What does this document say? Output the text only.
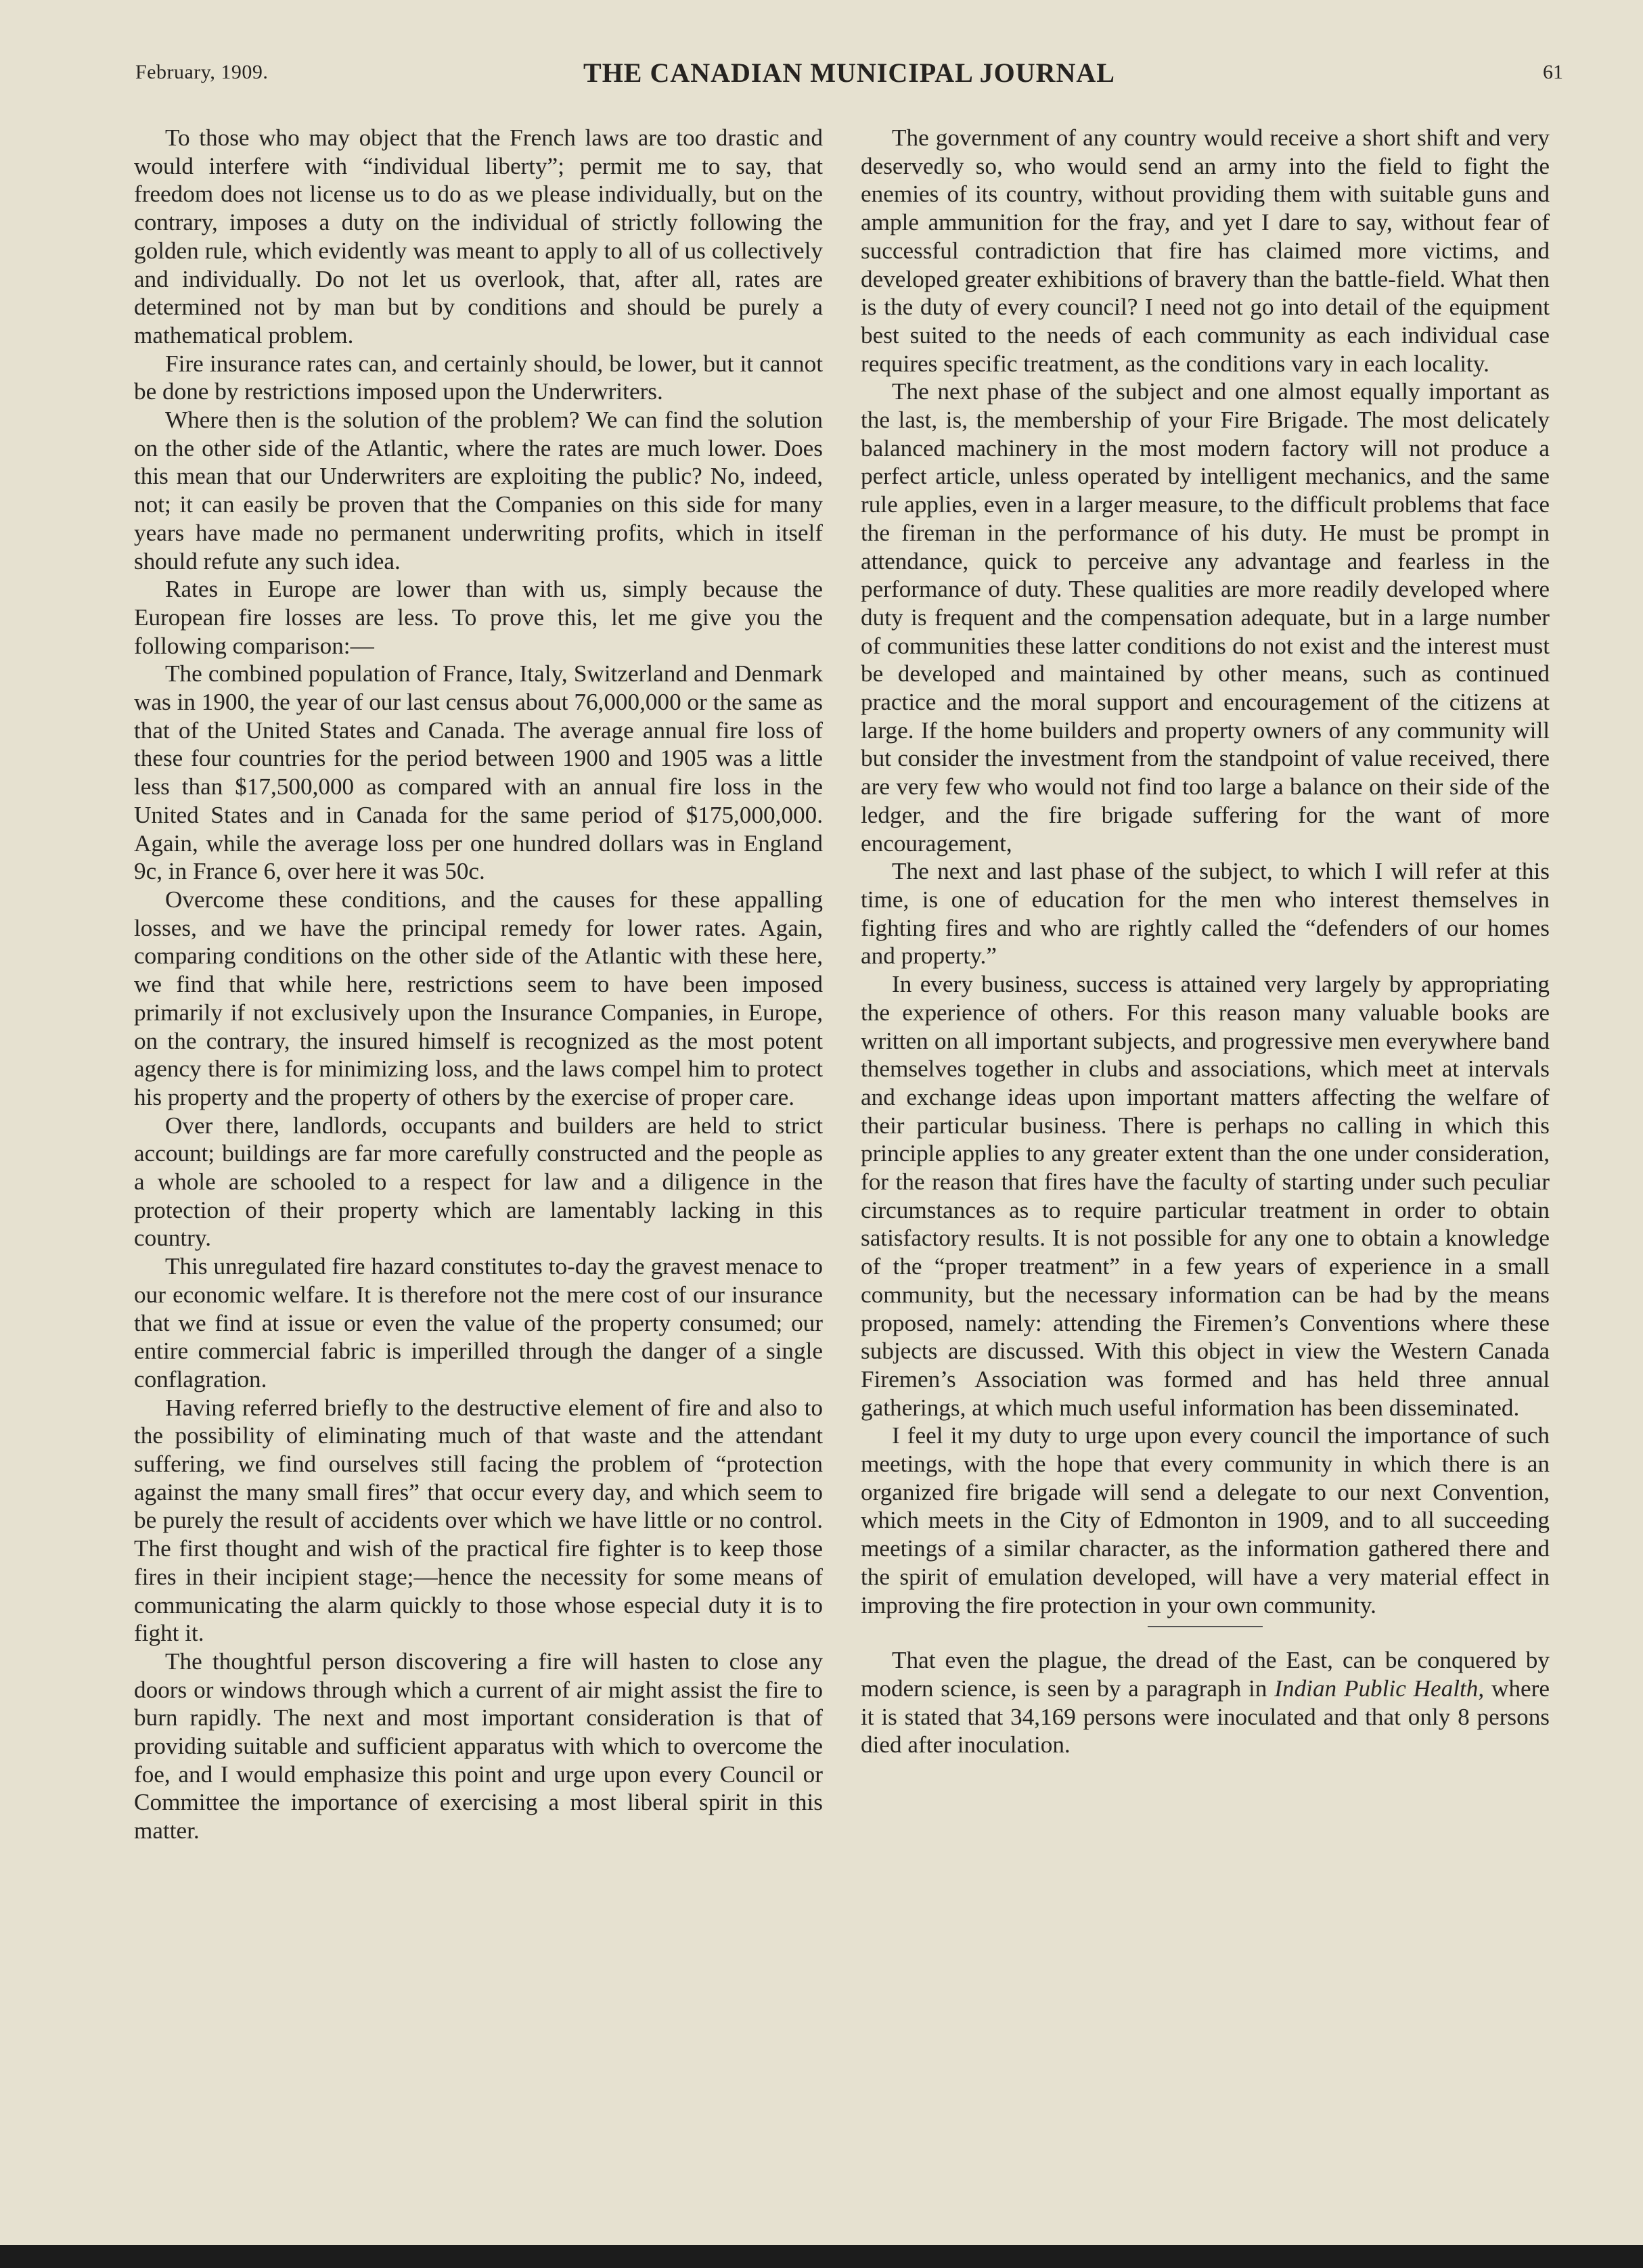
February, 1909.	THE CANADIAN MUNICIPAL JOURNAL	61

To those who may object that the French laws are too drastic and would interfere with “individual liberty”; permit me to say, that freedom does not license us to do as we please individually, but on the contrary, imposes a duty on the individual of strictly following the golden rule, which evidently was meant to apply to all of us collectively and individually. Do not let us overlook, that, after all, rates are determined not by man but by conditions and should be purely a mathematical problem.

Fire insurance rates can, and certainly should, be lower, but it cannot be done by restrictions imposed upon the Underwriters.

Where then is the solution of the problem? We can find the solution on the other side of the Atlantic, where the rates are much lower. Does this mean that our Underwriters are exploiting the public? No, indeed, not; it can easily be proven that the Companies on this side for many years have made no permanent underwriting profits, which in itself should refute any such idea.

Rates in Europe are lower than with us, simply because the European fire losses are less. To prove this, let me give you the following comparison:—

The combined population of France, Italy, Switzerland and Denmark was in 1900, the year of our last census about 76,000,000 or the same as that of the United States and Canada. The average annual fire loss of these four countries for the period between 1900 and 1905 was a little less than $17,500,000 as compared with an annual fire loss in the United States and in Canada for the same period of $175,000,000. Again, while the average loss per one hundred dollars was in England 9c, in France 6, over here it was 50c.

Overcome these conditions, and the causes for these appalling losses, and we have the principal remedy for lower rates. Again, comparing conditions on the other side of the Atlantic with these here, we find that while here, restrictions seem to have been imposed primarily if not exclusively upon the Insurance Companies, in Europe, on the contrary, the insured himself is recognized as the most potent agency there is for minimizing loss, and the laws compel him to protect his property and the property of others by the exercise of proper care.

Over there, landlords, occupants and builders are held to strict account; buildings are far more carefully constructed and the people as a whole are schooled to a respect for law and a diligence in the protection of their property which are lamentably lacking in this country.

This unregulated fire hazard constitutes to-day the gravest menace to our economic welfare. It is therefore not the mere cost of our insurance that we find at issue or even the value of the property consumed; our entire commercial fabric is imperilled through the danger of a single conflagration.

Having referred briefly to the destructive element of fire and also to the possibility of eliminating much of that waste and the attendant suffering, we find ourselves still facing the problem of “protection against the many small fires” that occur every day, and which seem to be purely the result of accidents over which we have little or no control. The first thought and wish of the practical fire fighter is to keep those fires in their incipient stage;—hence the necessity for some means of communicating the alarm quickly to those whose especial duty it is to fight it.

The thoughtful person discovering a fire will hasten to close any doors or windows through which a current of air might assist the fire to burn rapidly. The next and most important consideration is that of providing suitable and sufficient apparatus with which to overcome the foe, and I would emphasize this point and urge upon every Council or Committee the importance of exercising a most liberal spirit in this matter.

The government of any country would receive a short shift and very deservedly so, who would send an army into the field to fight the enemies of its country, without providing them with suitable guns and ample ammunition for the fray, and yet I dare to say, without fear of successful contradiction that fire has claimed more victims, and developed greater exhibitions of bravery than the battle-field. What then is the duty of every council? I need not go into detail of the equipment best suited to the needs of each community as each individual case requires specific treatment, as the conditions vary in each locality.

The next phase of the subject and one almost equally important as the last, is, the membership of your Fire Brigade. The most delicately balanced machinery in the most modern factory will not produce a perfect article, unless operated by intelligent mechanics, and the same rule applies, even in a larger measure, to the difficult problems that face the fireman in the performance of his duty. He must be prompt in attendance, quick to perceive any advantage and fearless in the performance of duty. These qualities are more readily developed where duty is frequent and the compensation adequate, but in a large number of communities these latter conditions do not exist and the interest must be developed and maintained by other means, such as continued practice and the moral support and encouragement of the citizens at large. If the home builders and property owners of any community will but consider the investment from the standpoint of value received, there are very few who would not find too large a balance on their side of the ledger, and the fire brigade suffering for the want of more encouragement,

The next and last phase of the subject, to which I will refer at this time, is one of education for the men who interest themselves in fighting fires and who are rightly called the “defenders of our homes and property.”

In every business, success is attained very largely by appropriating the experience of others. For this reason many valuable books are written on all important subjects, and progressive men everywhere band themselves together in clubs and associations, which meet at intervals and exchange ideas upon important matters affecting the welfare of their particular business. There is perhaps no calling in which this principle applies to any greater extent than the one under consideration, for the reason that fires have the faculty of starting under such peculiar circumstances as to require particular treatment in order to obtain satisfactory results. It is not possible for any one to obtain a knowledge of the “proper treatment” in a few years of experience in a small community, but the necessary information can be had by the means proposed, namely: attending the Firemen’s Conventions where these subjects are discussed. With this object in view the Western Canada Firemen’s Association was formed and has held three annual gatherings, at which much useful information has been disseminated.

I feel it my duty to urge upon every council the importance of such meetings, with the hope that every community in which there is an organized fire brigade will send a delegate to our next Convention, which meets in the City of Edmonton in 1909, and to all succeeding meetings of a similar character, as the information gathered there and the spirit of emulation developed, will have a very material effect in improving the fire protection in your own community.

That even the plague, the dread of the East, can be conquered by modern science, is seen by a paragraph in Indian Public Health, where it is stated that 34,169 persons were inoculated and that only 8 persons died after inoculation.
